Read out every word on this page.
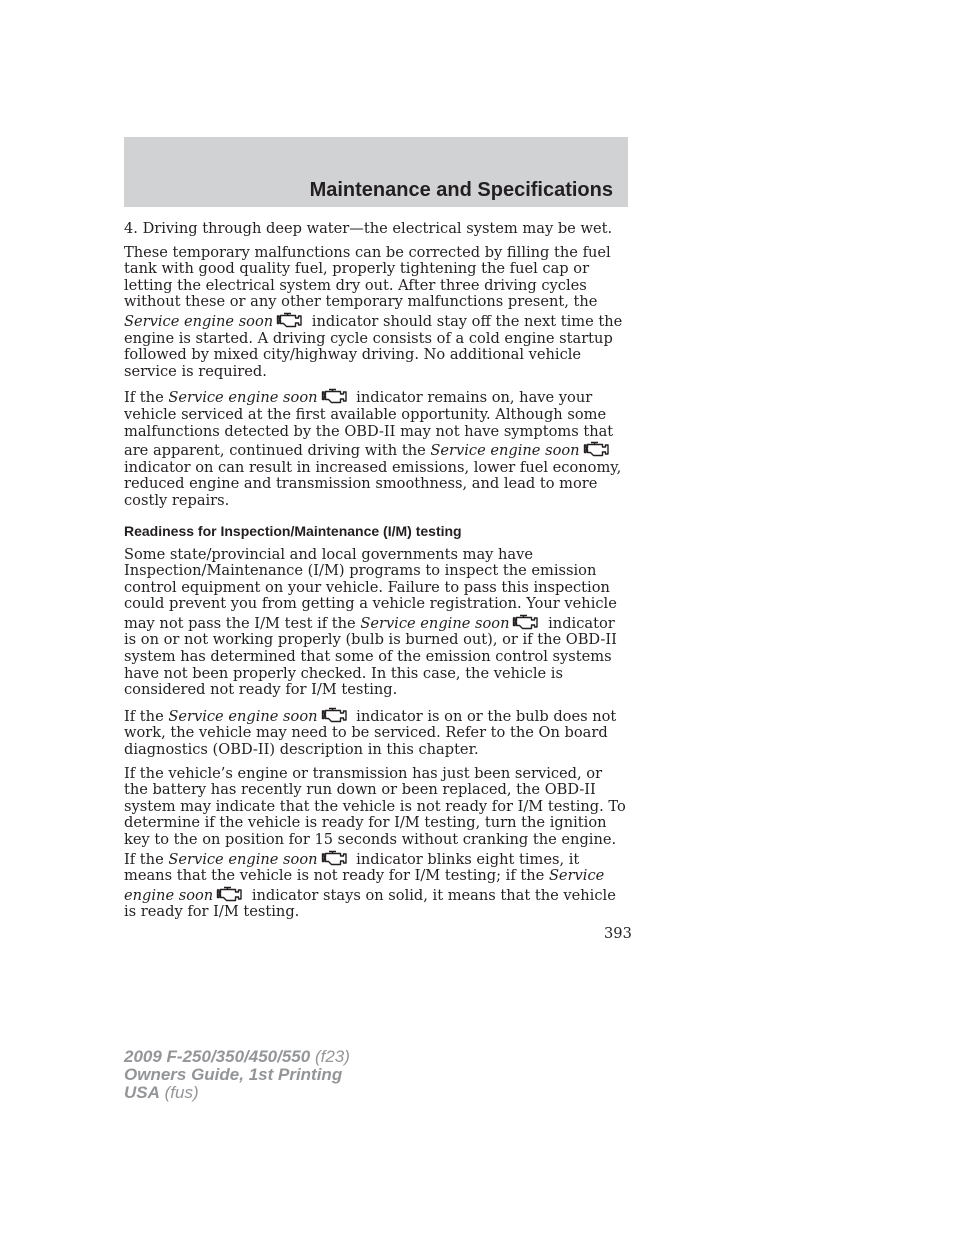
Maintenance and Specifications

4. Driving through deep water—the electrical system may be wet.

These temporary malfunctions can be corrected by filling the fuel tank with good quality fuel, properly tightening the fuel cap or letting the electrical system dry out. After three driving cycles without these or any other temporary malfunctions present, the Service engine soon
indicator should stay off the next time the engine is started. A driving cycle consists of a cold engine startup followed by mixed city/highway driving. No additional vehicle service is required.

If the Service engine soon
indicator remains on, have your vehicle serviced at the first available opportunity. Although some malfunctions detected by the OBD-II may not have symptoms that are apparent, continued driving with the Service engine soon
indicator on can result in increased emissions, lower fuel economy, reduced engine and transmission smoothness, and lead to more costly repairs.

Readiness for Inspection/Maintenance (I/M) testing

Some state/provincial and local governments may have Inspection/Maintenance (I/M) programs to inspect the emission control equipment on your vehicle. Failure to pass this inspection could prevent you from getting a vehicle registration. Your vehicle may not pass the I/M test if the Service engine soon
indicator is on or not working properly (bulb is burned out), or if the OBD-II system has determined that some of the emission control systems have not been properly checked. In this case, the vehicle is considered not ready for I/M testing.

If the Service engine soon
indicator is on or the bulb does not work, the vehicle may need to be serviced. Refer to the On board diagnostics (OBD-II) description in this chapter.

If the vehicle’s engine or transmission has just been serviced, or the battery has recently run down or been replaced, the OBD-II system may indicate that the vehicle is not ready for I/M testing. To determine if the vehicle is ready for I/M testing, turn the ignition key to the on position for 15 seconds without cranking the engine. If the Service engine soon
indicator blinks eight times, it means that the vehicle is not ready for I/M testing; if the Service engine soon
indicator stays on solid, it means that the vehicle is ready for I/M testing.

393
2009 F-250/350/450/550 (f23)
Owners Guide, 1st Printing
USA (fus)
